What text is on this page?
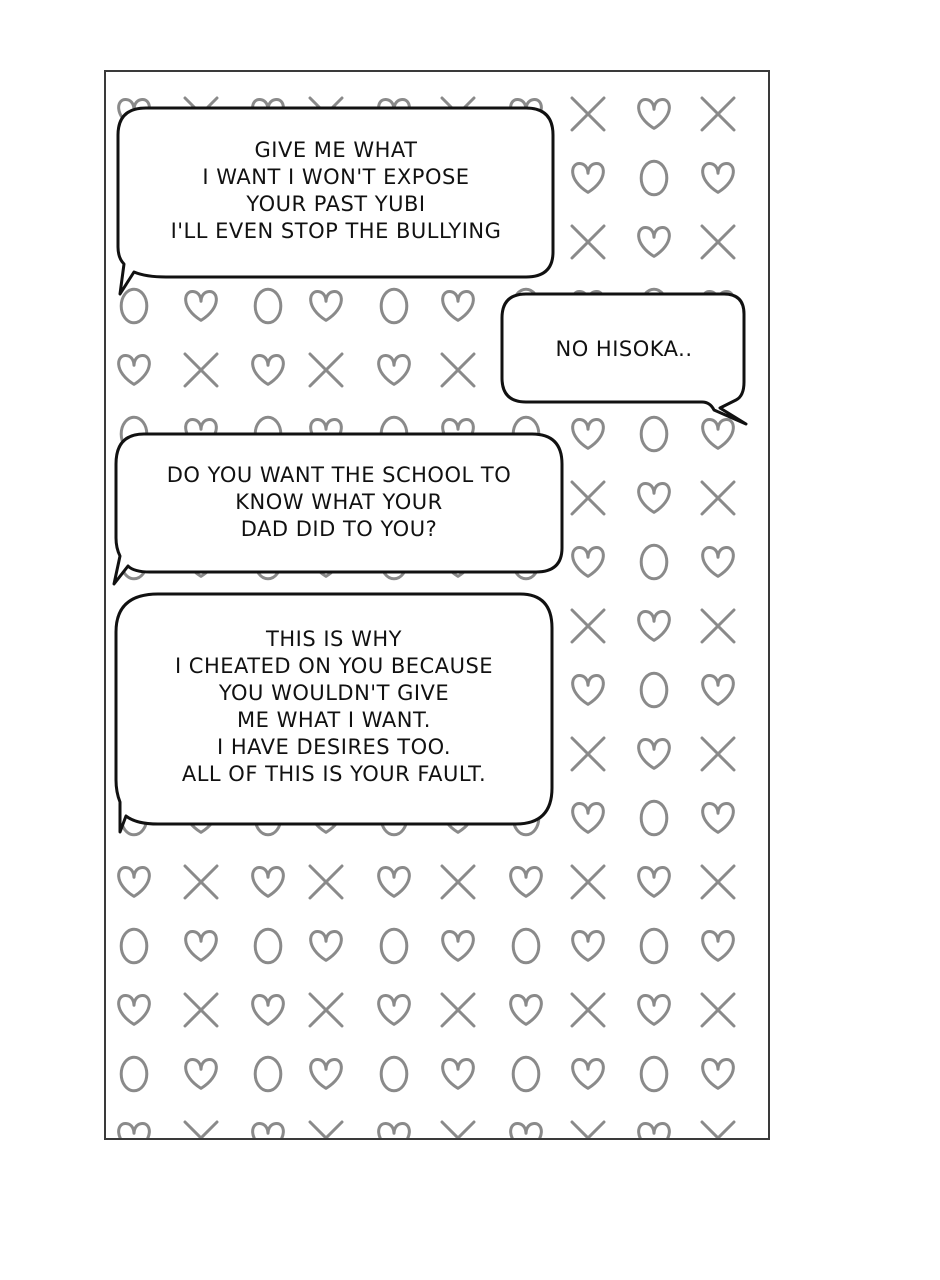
GIVE ME WHAT
I WANT I WON'T EXPOSE
YOUR PAST YUBI
I'LL EVEN STOP THE BULLYING
NO HISOKA..
DO YOU WANT THE SCHOOL TO
KNOW WHAT YOUR
DAD DID TO YOU?
THIS IS WHY
I CHEATED ON YOU BECAUSE
YOU WOULDN'T GIVE
ME WHAT I WANT.
I HAVE DESIRES TOO.
ALL OF THIS IS YOUR FAULT.
